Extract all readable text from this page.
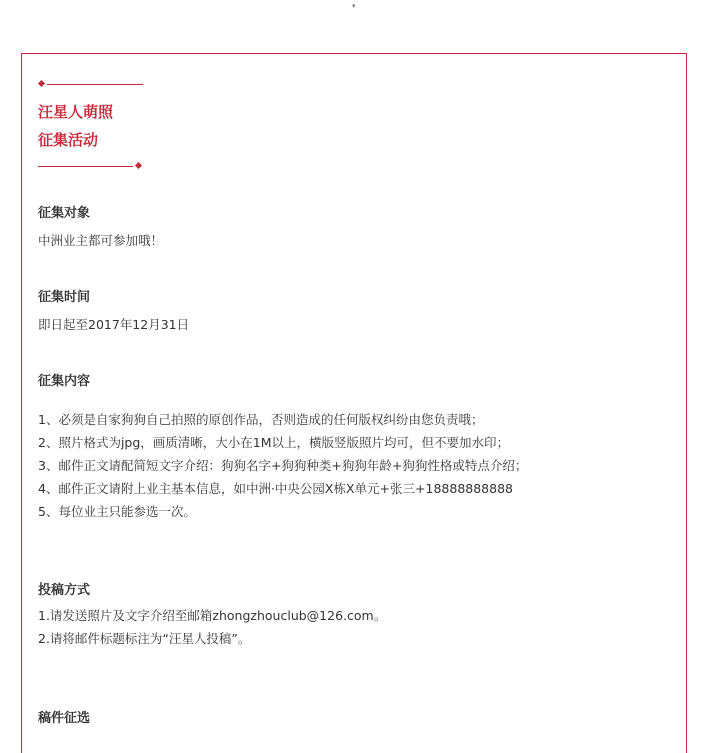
▾
汪星人萌照
征集活动
征集对象
中洲业主都可参加哦！
征集时间
即日起至2017年12月31日
征集内容
1、必须是自家狗狗自己拍照的原创作品，否则造成的任何版权纠纷由您负责哦；
2、照片格式为jpg，画质清晰，大小在1M以上，横版竖版照片均可，但不要加水印；
3、邮件正文请配简短文字介绍：狗狗名字+狗狗种类+狗狗年龄+狗狗性格或特点介绍；
4、邮件正文请附上业主基本信息，如中洲·中央公园X栋X单元+张三+18888888888
5、每位业主只能参选一次。
投稿方式
1.请发送照片及文字介绍至邮箱zhongzhouclub@126.com。
2.请将邮件标题标注为“汪星人投稿”。
稿件征选
